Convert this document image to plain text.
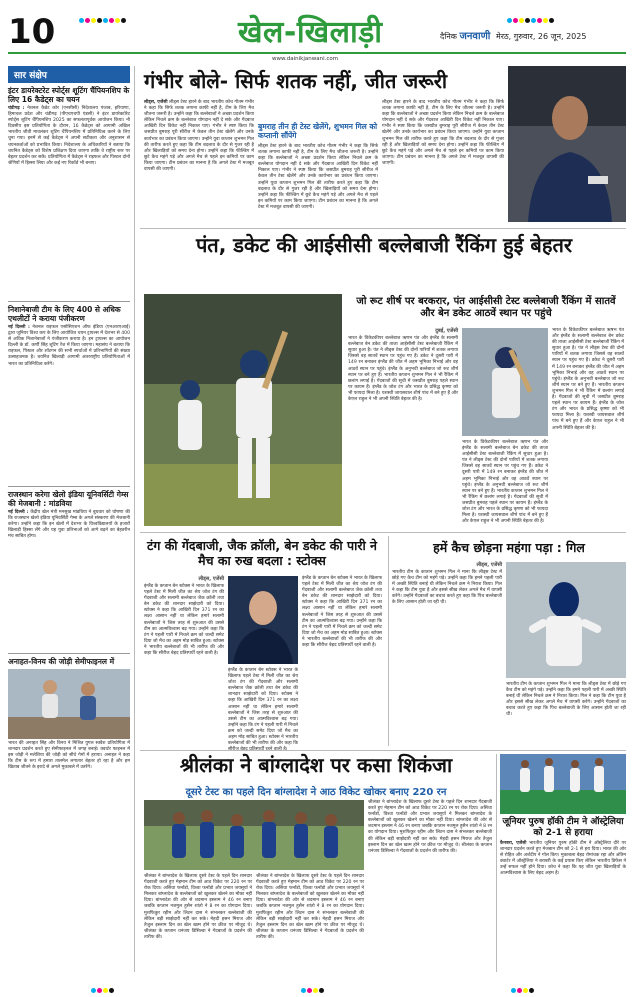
10	खेल-खिलाड़ी	दैनिक जनवाणी मेरठ, गुरुवार, 26 जून, 2025
www.dainikjanwani.com
सार संक्षेप
इंटर डायरेक्टरेट स्पोर्ट्स शूटिंग चैंपियनशिप के लिए 16 कैडेट्स का चयन
चंडीगढ़ : नेशनल कैडेट कोर (एनसीसी) निदेशालय पंजाब, हरियाणा, हिमाचल प्रदेश और चंडीगढ़ (पीएचएचपी एंडसी) ने इंटर डायरेक्टोरेट स्पोर्ट्स शूटिंग चैंपियनशिप 2025 का सफलतापूर्वक आयोजन किया। नौ दिवसीय इस प्रतियोगिता के दौरान, 16 कैडेट्स को आगामी अखिल भारतीय जीवी मावलंकर शूटिंग चैंपियनशिप में प्रतिनिधित्व करने के लिए चुना गया। इनमें से कई कैडेट्स ने अपनी सटीकता और अनुशासन से चयनकर्ताओं को प्रभावित किया। निदेशालय के अधिकारियों ने बताया कि चयनित कैडेट्स को विशेष प्रशिक्षण दिया जाएगा ताकि वे राष्ट्रीय स्तर पर बेहतर प्रदर्शन कर सकें। प्रतियोगिता में कैडेट्स ने राइफल और पिस्टल दोनों श्रेणियों में हिस्सा लिया और कई नए रिकॉर्ड भी बनाए।
निशानेबाजी टीम के लिए 400 से अधिक एथलीटों ने कराया पंजीकरण
नई दिल्ली : नेशनल राइफल एसोसिएशन ऑफ इंडिया (एनआरएआई) द्वारा जूनियर विश्व कप के लिए आयोजित चयन ट्रायल्स में देशभर से 400 से अधिक निशानेबाजों ने पंजीकरण कराया है। इन ट्रायल्स का आयोजन दिल्ली के डॉ. कर्णी सिंह शूटिंग रेंज में किया जाएगा। महासंघ ने बताया कि राइफल, पिस्टल और शॉटगन की सभी स्पर्धाओं में प्रतिभागियों की संख्या उत्साहजनक है। चयनित खिलाड़ी आगामी अंतरराष्ट्रीय प्रतियोगिताओं में भारत का प्रतिनिधित्व करेंगे।
राजस्थान करेगा खेलो इंडिया यूनिवर्सिटी गेम्स की मेजबानी : मांडविया
नई दिल्ली : केंद्रीय खेल मंत्री मनसुख मांडविया ने बुधवार को घोषणा की कि राजस्थान खेलो इंडिया यूनिवर्सिटी गेम्स के अगले संस्करण की मेजबानी करेगा। उन्होंने कहा कि इन खेलों में देशभर के विश्वविद्यालयों के हजारों खिलाड़ी हिस्सा लेंगे और यह युवा प्रतिभाओं को आगे बढ़ने का बेहतरीन मंच साबित होगा।
अनाहत-विनय की जोड़ी सेमीफाइनल में
भारत की अनाहत सिंह और विनय ने मिश्रित युगल स्क्वैश प्रतियोगिता में शानदार प्रदर्शन करते हुए सेमीफाइनल में जगह बनाई। क्वार्टर फाइनल में इस जोड़ी ने मलेशिया की जोड़ी को सीधे गेमों में हराया। अनाहत ने कहा कि टीम के रूप में हमारा तालमेल लगातार बेहतर हो रहा है और हम खिताब जीतने के इरादे से अगले मुकाबले में उतरेंगे।
गंभीर बोले- सिर्फ शतक नहीं, जीत जरूरी
लीड्स, एजेंसी लीड्स टेस्ट हारने के बाद भारतीय कोच गौतम गंभीर ने कहा कि सिर्फ शतक लगाना काफी नहीं है, टीम के लिए मैच जीतना जरूरी है। उन्होंने कहा कि बल्लेबाजों ने अच्छा प्रदर्शन किया लेकिन निचले क्रम के बल्लेबाज योगदान नहीं दे सके और गेंदबाज आखिरी दिन विकेट नहीं निकाल पाए। गंभीर ने स्पष्ट किया कि जसप्रीत बुमराह पूरी सीरीज में केवल तीन टेस्ट खेलेंगे और उनके कार्यभार का प्रबंधन किया जाएगा। उन्होंने युवा कप्तान शुभमन गिल की तारीफ करते हुए कहा कि टीम बदलाव के दौर से गुजर रही है और खिलाड़ियों को समय देना होगा। उन्होंने कहा कि फील्डिंग में छूटे कैच महंगे पड़े और अगले मैच से पहले इन कमियों पर काम किया जाएगा। टीम प्रबंधन का मानना है कि अगले टेस्ट में मजबूत वापसी की जाएगी।
बुमराह तीन ही टेस्ट खेलेंगे, शुभमन गिल को कप्तानी सौंपेंगे
लीड्स टेस्ट हारने के बाद भारतीय कोच गौतम गंभीर ने कहा कि सिर्फ शतक लगाना काफी नहीं है, टीम के लिए मैच जीतना जरूरी है। उन्होंने कहा कि बल्लेबाजों ने अच्छा प्रदर्शन किया लेकिन निचले क्रम के बल्लेबाज योगदान नहीं दे सके और गेंदबाज आखिरी दिन विकेट नहीं निकाल पाए। गंभीर ने स्पष्ट किया कि जसप्रीत बुमराह पूरी सीरीज में केवल तीन टेस्ट खेलेंगे और उनके कार्यभार का प्रबंधन किया जाएगा। उन्होंने युवा कप्तान शुभमन गिल की तारीफ करते हुए कहा कि टीम बदलाव के दौर से गुजर रही है और खिलाड़ियों को समय देना होगा। उन्होंने कहा कि फील्डिंग में छूटे कैच महंगे पड़े और अगले मैच से पहले इन कमियों पर काम किया जाएगा। टीम प्रबंधन का मानना है कि अगले टेस्ट में मजबूत वापसी की जाएगी।
लीड्स टेस्ट हारने के बाद भारतीय कोच गौतम गंभीर ने कहा कि सिर्फ शतक लगाना काफी नहीं है, टीम के लिए मैच जीतना जरूरी है। उन्होंने कहा कि बल्लेबाजों ने अच्छा प्रदर्शन किया लेकिन निचले क्रम के बल्लेबाज योगदान नहीं दे सके और गेंदबाज आखिरी दिन विकेट नहीं निकाल पाए। गंभीर ने स्पष्ट किया कि जसप्रीत बुमराह पूरी सीरीज में केवल तीन टेस्ट खेलेंगे और उनके कार्यभार का प्रबंधन किया जाएगा। उन्होंने युवा कप्तान शुभमन गिल की तारीफ करते हुए कहा कि टीम बदलाव के दौर से गुजर रही है और खिलाड़ियों को समय देना होगा। उन्होंने कहा कि फील्डिंग में छूटे कैच महंगे पड़े और अगले मैच से पहले इन कमियों पर काम किया जाएगा। टीम प्रबंधन का मानना है कि अगले टेस्ट में मजबूत वापसी की जाएगी।
पंत, डकेट की आईसीसी बल्लेबाजी रैंकिंग हुई बेहतर
जो रूट शीर्ष पर बरकरार, पंत आईसीसी टेस्ट बल्लेबाजी रैंकिंग में सातवें और बेन डकेट आठवें स्थान पर पहुंचे
दुबई, एजेंसी
भारत के विकेटकीपर बल्लेबाज ऋषभ पंत और इंग्लैंड के सलामी बल्लेबाज बेन डकेट की ताजा आईसीसी टेस्ट बल्लेबाजी रैंकिंग में सुधार हुआ है। पंत ने लीड्स टेस्ट की दोनों पारियों में शतक लगाया जिससे वह सातवें स्थान पर पहुंच गए हैं। डकेट ने दूसरी पारी में 149 रन बनाकर इंग्लैंड की जीत में अहम भूमिका निभाई और वह आठवें स्थान पर पहुंचे। इंग्लैंड के अनुभवी बल्लेबाज जो रूट शीर्ष स्थान पर बने हुए हैं। भारतीय कप्तान शुभमन गिल ने भी रैंकिंग में छलांग लगाई है। गेंदबाजों की सूची में जसप्रीत बुमराह पहले स्थान पर कायम हैं। इंग्लैंड के जोश टंग और भारत के प्रसिद्ध कृष्णा को भी फायदा मिला है। यशस्वी जायसवाल शीर्ष पांच में बने हुए हैं और केएल राहुल ने भी अपनी स्थिति बेहतर की है।
भारत के विकेटकीपर बल्लेबाज ऋषभ पंत और इंग्लैंड के सलामी बल्लेबाज बेन डकेट की ताजा आईसीसी टेस्ट बल्लेबाजी रैंकिंग में सुधार हुआ है। पंत ने लीड्स टेस्ट की दोनों पारियों में शतक लगाया जिससे वह सातवें स्थान पर पहुंच गए हैं। डकेट ने दूसरी पारी में 149 रन बनाकर इंग्लैंड की जीत में अहम भूमिका निभाई और वह आठवें स्थान पर पहुंचे। इंग्लैंड के अनुभवी बल्लेबाज जो रूट शीर्ष स्थान पर बने हुए हैं। भारतीय कप्तान शुभमन गिल ने भी रैंकिंग में छलांग लगाई है। गेंदबाजों की सूची में जसप्रीत बुमराह पहले स्थान पर कायम हैं। इंग्लैंड के जोश टंग और भारत के प्रसिद्ध कृष्णा को भी फायदा मिला है। यशस्वी जायसवाल शीर्ष पांच में बने हुए हैं और केएल राहुल ने भी अपनी स्थिति बेहतर की है।
भारत के विकेटकीपर बल्लेबाज ऋषभ पंत और इंग्लैंड के सलामी बल्लेबाज बेन डकेट की ताजा आईसीसी टेस्ट बल्लेबाजी रैंकिंग में सुधार हुआ है। पंत ने लीड्स टेस्ट की दोनों पारियों में शतक लगाया जिससे वह सातवें स्थान पर पहुंच गए हैं। डकेट ने दूसरी पारी में 149 रन बनाकर इंग्लैंड की जीत में अहम भूमिका निभाई और वह आठवें स्थान पर पहुंचे। इंग्लैंड के अनुभवी बल्लेबाज जो रूट शीर्ष स्थान पर बने हुए हैं। भारतीय कप्तान शुभमन गिल ने भी रैंकिंग में छलांग लगाई है। गेंदबाजों की सूची में जसप्रीत बुमराह पहले स्थान पर कायम हैं। इंग्लैंड के जोश टंग और भारत के प्रसिद्ध कृष्णा को भी फायदा मिला है। यशस्वी जायसवाल शीर्ष पांच में बने हुए हैं और केएल राहुल ने भी अपनी स्थिति बेहतर की है।
टंग की गेंदबाजी, जैक क्रॉली, बेन डकेट की पारी ने मैच का रुख बदला : स्टोक्स
लीड्स, एजेंसी
इंग्लैंड के कप्तान बेन स्टोक्स ने भारत के खिलाफ पहले टेस्ट में मिली जीत का श्रेय जोश टंग की गेंदबाजी और सलामी बल्लेबाज जैक क्रॉली तथा बेन डकेट की शानदार साझेदारी को दिया। स्टोक्स ने कहा कि आखिरी दिन 371 रन का लक्ष्य आसान नहीं था लेकिन हमारे सलामी बल्लेबाजों ने जिस तरह से शुरुआत की उससे टीम का आत्मविश्वास बढ़ गया। उन्होंने कहा कि टंग ने पहली पारी में निचले क्रम को जल्दी समेट दिया जो मैच का अहम मोड़ साबित हुआ। स्टोक्स ने भारतीय बल्लेबाजों की भी तारीफ की और कहा कि सीरीज बेहद प्रतिस्पर्धी रहने वाली है।
इंग्लैंड के कप्तान बेन स्टोक्स ने भारत के खिलाफ पहले टेस्ट में मिली जीत का श्रेय जोश टंग की गेंदबाजी और सलामी बल्लेबाज जैक क्रॉली तथा बेन डकेट की शानदार साझेदारी को दिया। स्टोक्स ने कहा कि आखिरी दिन 371 रन का लक्ष्य आसान नहीं था लेकिन हमारे सलामी बल्लेबाजों ने जिस तरह से शुरुआत की उससे टीम का आत्मविश्वास बढ़ गया। उन्होंने कहा कि टंग ने पहली पारी में निचले क्रम को जल्दी समेट दिया जो मैच का अहम मोड़ साबित हुआ। स्टोक्स ने भारतीय बल्लेबाजों की भी तारीफ की और कहा कि
इंग्लैंड के कप्तान बेन स्टोक्स ने भारत के खिलाफ पहले टेस्ट में मिली जीत का श्रेय जोश टंग की गेंदबाजी और सलामी बल्लेबाज जैक क्रॉली तथा बेन डकेट की शानदार साझेदारी को दिया। स्टोक्स ने कहा कि आखिरी दिन 371 रन का लक्ष्य आसान नहीं था लेकिन हमारे सलामी बल्लेबाजों ने जिस तरह से शुरुआत की उससे टीम का आत्मविश्वास बढ़ गया। उन्होंने कहा कि टंग ने पहली पारी में निचले क्रम को जल्दी समेट दिया जो मैच का अहम मोड़ साबित हुआ। स्टोक्स ने भारतीय बल्लेबाजों की भी तारीफ की और कहा कि सीरीज बेहद प्रतिस्पर्धी रहने वाली है।
हमें कैच छोड़ना महंगा पड़ा : गिल
लीड्स, एजेंसी
भारतीय टीम के कप्तान शुभमन गिल ने माना कि लीड्स टेस्ट में छोड़े गए कैच टीम को महंगे पड़े। उन्होंने कहा कि हमने पहली पारी में अच्छी स्थिति बनाई थी लेकिन निचले क्रम ने निराश किया। गिल ने कहा कि टीम युवा है और इससे सीख लेकर अगले मैच में वापसी करेंगे। उन्होंने गेंदबाजों का बचाव करते हुए कहा कि पिच बल्लेबाजी के लिए आसान होती जा रही थी।
भारतीय टीम के कप्तान शुभमन गिल ने माना कि लीड्स टेस्ट में छोड़े गए कैच टीम को महंगे पड़े। उन्होंने कहा कि हमने पहली पारी में अच्छी स्थिति बनाई थी लेकिन निचले क्रम ने निराश किया। गिल ने कहा कि टीम युवा है और इससे सीख लेकर अगले मैच में वापसी करेंगे। उन्होंने गेंदबाजों का बचाव करते हुए कहा कि पिच बल्लेबाजी के लिए आसान होती जा रही थी।
श्रीलंका ने बांग्लादेश पर कसा शिकंजा
दूसरे टेस्ट का पहले दिन बांग्लादेश ने आठ विकेट खोकर बनाए 220 रन
श्रीलंका ने बांग्लादेश के खिलाफ दूसरे टेस्ट के पहले दिन शानदार गेंदबाजी करते हुए मेहमान टीम को आठ विकेट पर 220 रन पर रोक दिया। असिथा फर्नांडो, विश्वा फर्नांडो और प्रभात जयसूर्या ने मिलकर बांग्लादेश के बल्लेबाजों को खुलकर खेलने का मौका नहीं दिया। बांग्लादेश की ओर से शदमान इस्लाम ने 46 रन बनाए जबकि कप्तान नजमुल हुसैन शांतो ने 8 रन का योगदान दिया। मुशफिकुर रहीम और लिटन दास ने संभलकर बल्लेबाजी की लेकिन बड़ी साझेदारी नहीं कर सके। मेहदी हसन मिराज और तैजुल इस्लाम दिन का खेल खत्म होने पर क्रीज पर मौजूद थे। श्रीलंका के कप्तान धनंजय डिसिल्वा ने गेंदबाजों के प्रदर्शन की तारीफ की।
श्रीलंका ने बांग्लादेश के खिलाफ दूसरे टेस्ट के पहले दिन शानदार गेंदबाजी करते हुए मेहमान टीम को आठ विकेट पर 220 रन पर रोक दिया। असिथा फर्नांडो, विश्वा फर्नांडो और प्रभात जयसूर्या ने मिलकर बांग्लादेश के बल्लेबाजों को खुलकर खेलने का मौका नहीं दिया। बांग्लादेश की ओर से शदमान इस्लाम ने 46 रन बनाए जबकि कप्तान नजमुल हुसैन शांतो ने 8 रन का योगदान दिया। मुशफिकुर रहीम और लिटन दास ने संभलकर बल्लेबाजी की लेकिन बड़ी साझेदारी नहीं कर सके। मेहदी हसन मिराज और तैजुल इस्लाम दिन का खेल खत्म होने पर क्रीज पर मौजूद थे। श्रीलंका के कप्तान धनंजय डिसिल्वा ने गेंदबाजों के प्रदर्शन की तारीफ की।
श्रीलंका ने बांग्लादेश के खिलाफ दूसरे टेस्ट के पहले दिन शानदार गेंदबाजी करते हुए मेहमान टीम को आठ विकेट पर 220 रन पर रोक दिया। असिथा फर्नांडो, विश्वा फर्नांडो और प्रभात जयसूर्या ने मिलकर बांग्लादेश के बल्लेबाजों को खुलकर खेलने का मौका नहीं दिया। बांग्लादेश की ओर से शदमान इस्लाम ने 46 रन बनाए जबकि कप्तान नजमुल हुसैन शांतो ने 8 रन का योगदान दिया। मुशफिकुर रहीम और लिटन दास ने संभलकर बल्लेबाजी की लेकिन बड़ी साझेदारी नहीं कर सके। मेहदी हसन मिराज और तैजुल इस्लाम दिन का खेल खत्म होने पर क्रीज पर मौजूद थे। श्रीलंका के कप्तान धनंजय डिसिल्वा ने गेंदबाजों के प्रदर्शन की तारीफ की।
जूनियर पुरुष हॉकी टीम ने ऑस्ट्रेलिया को 2-1 से हराया
कैनबरा, एजेंसी भारतीय जूनियर पुरुष हॉकी टीम ने ऑस्ट्रेलिया दौरे पर शानदार प्रदर्शन करते हुए मेजबान टीम को 2-1 से हरा दिया। भारत की ओर से रोहित और अर्शदीप ने गोल किए। मुकाबला बेहद रोमांचक रहा और अंतिम क्वार्टर में ऑस्ट्रेलिया ने बराबरी के कई प्रयास किए लेकिन भारतीय डिफेंस ने उन्हें सफल नहीं होने दिया। कोच ने कहा कि यह जीत युवा खिलाड़ियों के आत्मविश्वास के लिए बेहद अहम है।
